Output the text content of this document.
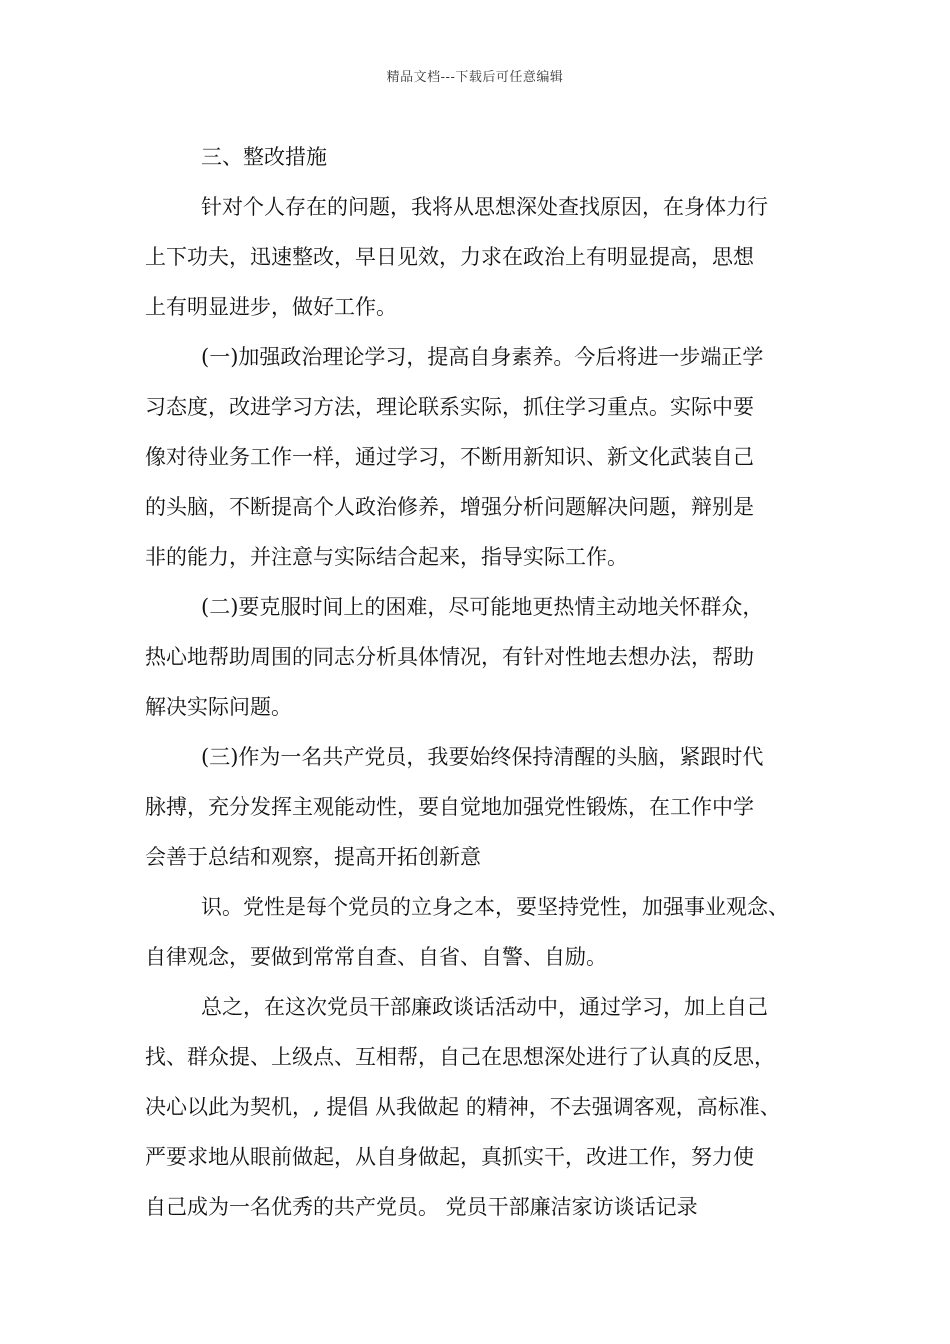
精品文档---下载后可任意编辑
三、整改措施
针对个人存在的问题，我将从思想深处查找原因，在身体力行
上下功夫，迅速整改，早日见效，力求在政治上有明显提高，思想
上有明显进步，做好工作。
(一)加强政治理论学习，提高自身素养。今后将进一步端正学
习态度，改进学习方法，理论联系实际，抓住学习重点。实际中要
像对待业务工作一样，通过学习，不断用新知识、新文化武装自己
的头脑，不断提高个人政治修养，增强分析问题解决问题，辩别是
非的能力，并注意与实际结合起来，指导实际工作。
(二)要克服时间上的困难，尽可能地更热情主动地关怀群众，
热心地帮助周围的同志分析具体情况，有针对性地去想办法，帮助
解决实际问题。
(三)作为一名共产党员，我要始终保持清醒的头脑，紧跟时代
脉搏，充分发挥主观能动性，要自觉地加强党性锻炼，在工作中学
会善于总结和观察，提高开拓创新意
识。党性是每个党员的立身之本，要坚持党性，加强事业观念、
自律观念，要做到常常自查、自省、自警、自励。
总之，在这次党员干部廉政谈话活动中，通过学习，加上自己
找、群众提、上级点、互相帮，自己在思想深处进行了认真的反思，
决心以此为契机，, 提倡 从我做起 的精神，不去强调客观，高标准、
严要求地从眼前做起，从自身做起，真抓实干，改进工作，努力使
自己成为一名优秀的共产党员。 党员干部廉洁家访谈话记录
